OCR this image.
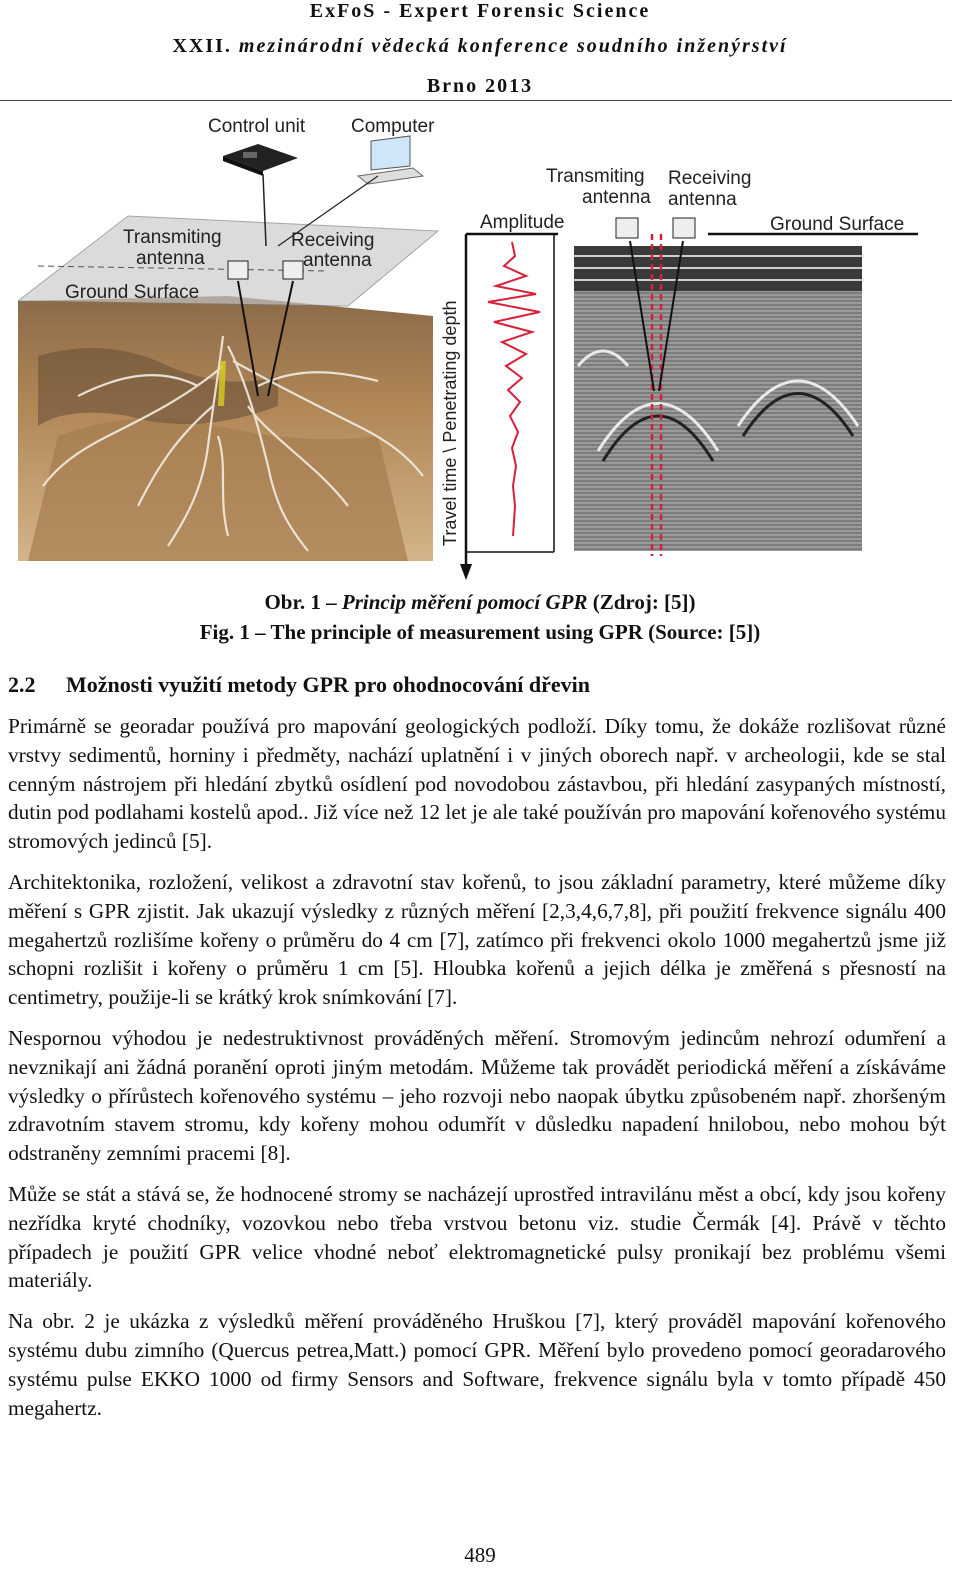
ExFoS - Expert Forensic Science
XXII. mezinárodní vědecká konference soudního inženýrství
Brno 2013
Control unit Computer
Transmiting
antenna
Receiving
antenna
Ground Surface
Travel time \ Penetrating depth
Transmiting
antenna
Receiving
antenna
Amplitude	Ground Surface
Obr. 1 – Princip měření pomocí GPR (Zdroj: [5])
Fig. 1 – The principle of measurement using GPR (Source: [5])
2.2 Možnosti využití metody GPR pro ohodnocování dřevin

Primárně se georadar používá pro mapování geologických podloží. Díky tomu, že dokáže rozlišovat různé vrstvy sedimentů, horniny i předměty, nachází uplatnění i v jiných oborech např. v archeologii, kde se stal cenným nástrojem při hledání zbytků osídlení pod novodobou zástavbou, při hledání zasypaných místností, dutin pod podlahami kostelů apod.. Již více než 12 let je ale také používán pro mapování kořenového systému stromových jedinců [5].

Architektonika, rozložení, velikost a zdravotní stav kořenů, to jsou základní parametry, které můžeme díky měření s GPR zjistit. Jak ukazují výsledky z různých měření [2,3,4,6,7,8], při použití frekvence signálu 400 megahertzů rozlišíme kořeny o průměru do 4 cm [7], zatímco při frekvenci okolo 1000 megahertzů jsme již schopni rozlišit i kořeny o průměru 1 cm [5]. Hloubka kořenů a jejich délka je změřená s přesností na centimetry, použije-li se krátký krok snímkování [7].

Nespornou výhodou je nedestruktivnost prováděných měření. Stromovým jedincům nehrozí odumření a nevznikají ani žádná poranění oproti jiným metodám. Můžeme tak provádět periodická měření a získáváme výsledky o přírůstech kořenového systému – jeho rozvoji nebo naopak úbytku způsobeném např. zhoršeným zdravotním stavem stromu, kdy kořeny mohou odumřít v důsledku napadení hnilobou, nebo mohou být odstraněny zemními pracemi [8].

Může se stát a stává se, že hodnocené stromy se nacházejí uprostřed intravilánu měst a obcí, kdy jsou kořeny nezřídka kryté chodníky, vozovkou nebo třeba vrstvou betonu viz. studie Čermák [4]. Právě v těchto případech je použití GPR velice vhodné neboť elektromagnetické pulsy pronikají bez problému všemi materiály.

Na obr. 2 je ukázka z výsledků měření prováděného Hruškou [7], který prováděl mapování kořenového systému dubu zimního (Quercus petrea,Matt.) pomocí GPR. Měření bylo provedeno pomocí georadarového systému pulse EKKO 1000 od firmy Sensors and Software, frekvence signálu byla v tomto případě 450 megahertz.

489
